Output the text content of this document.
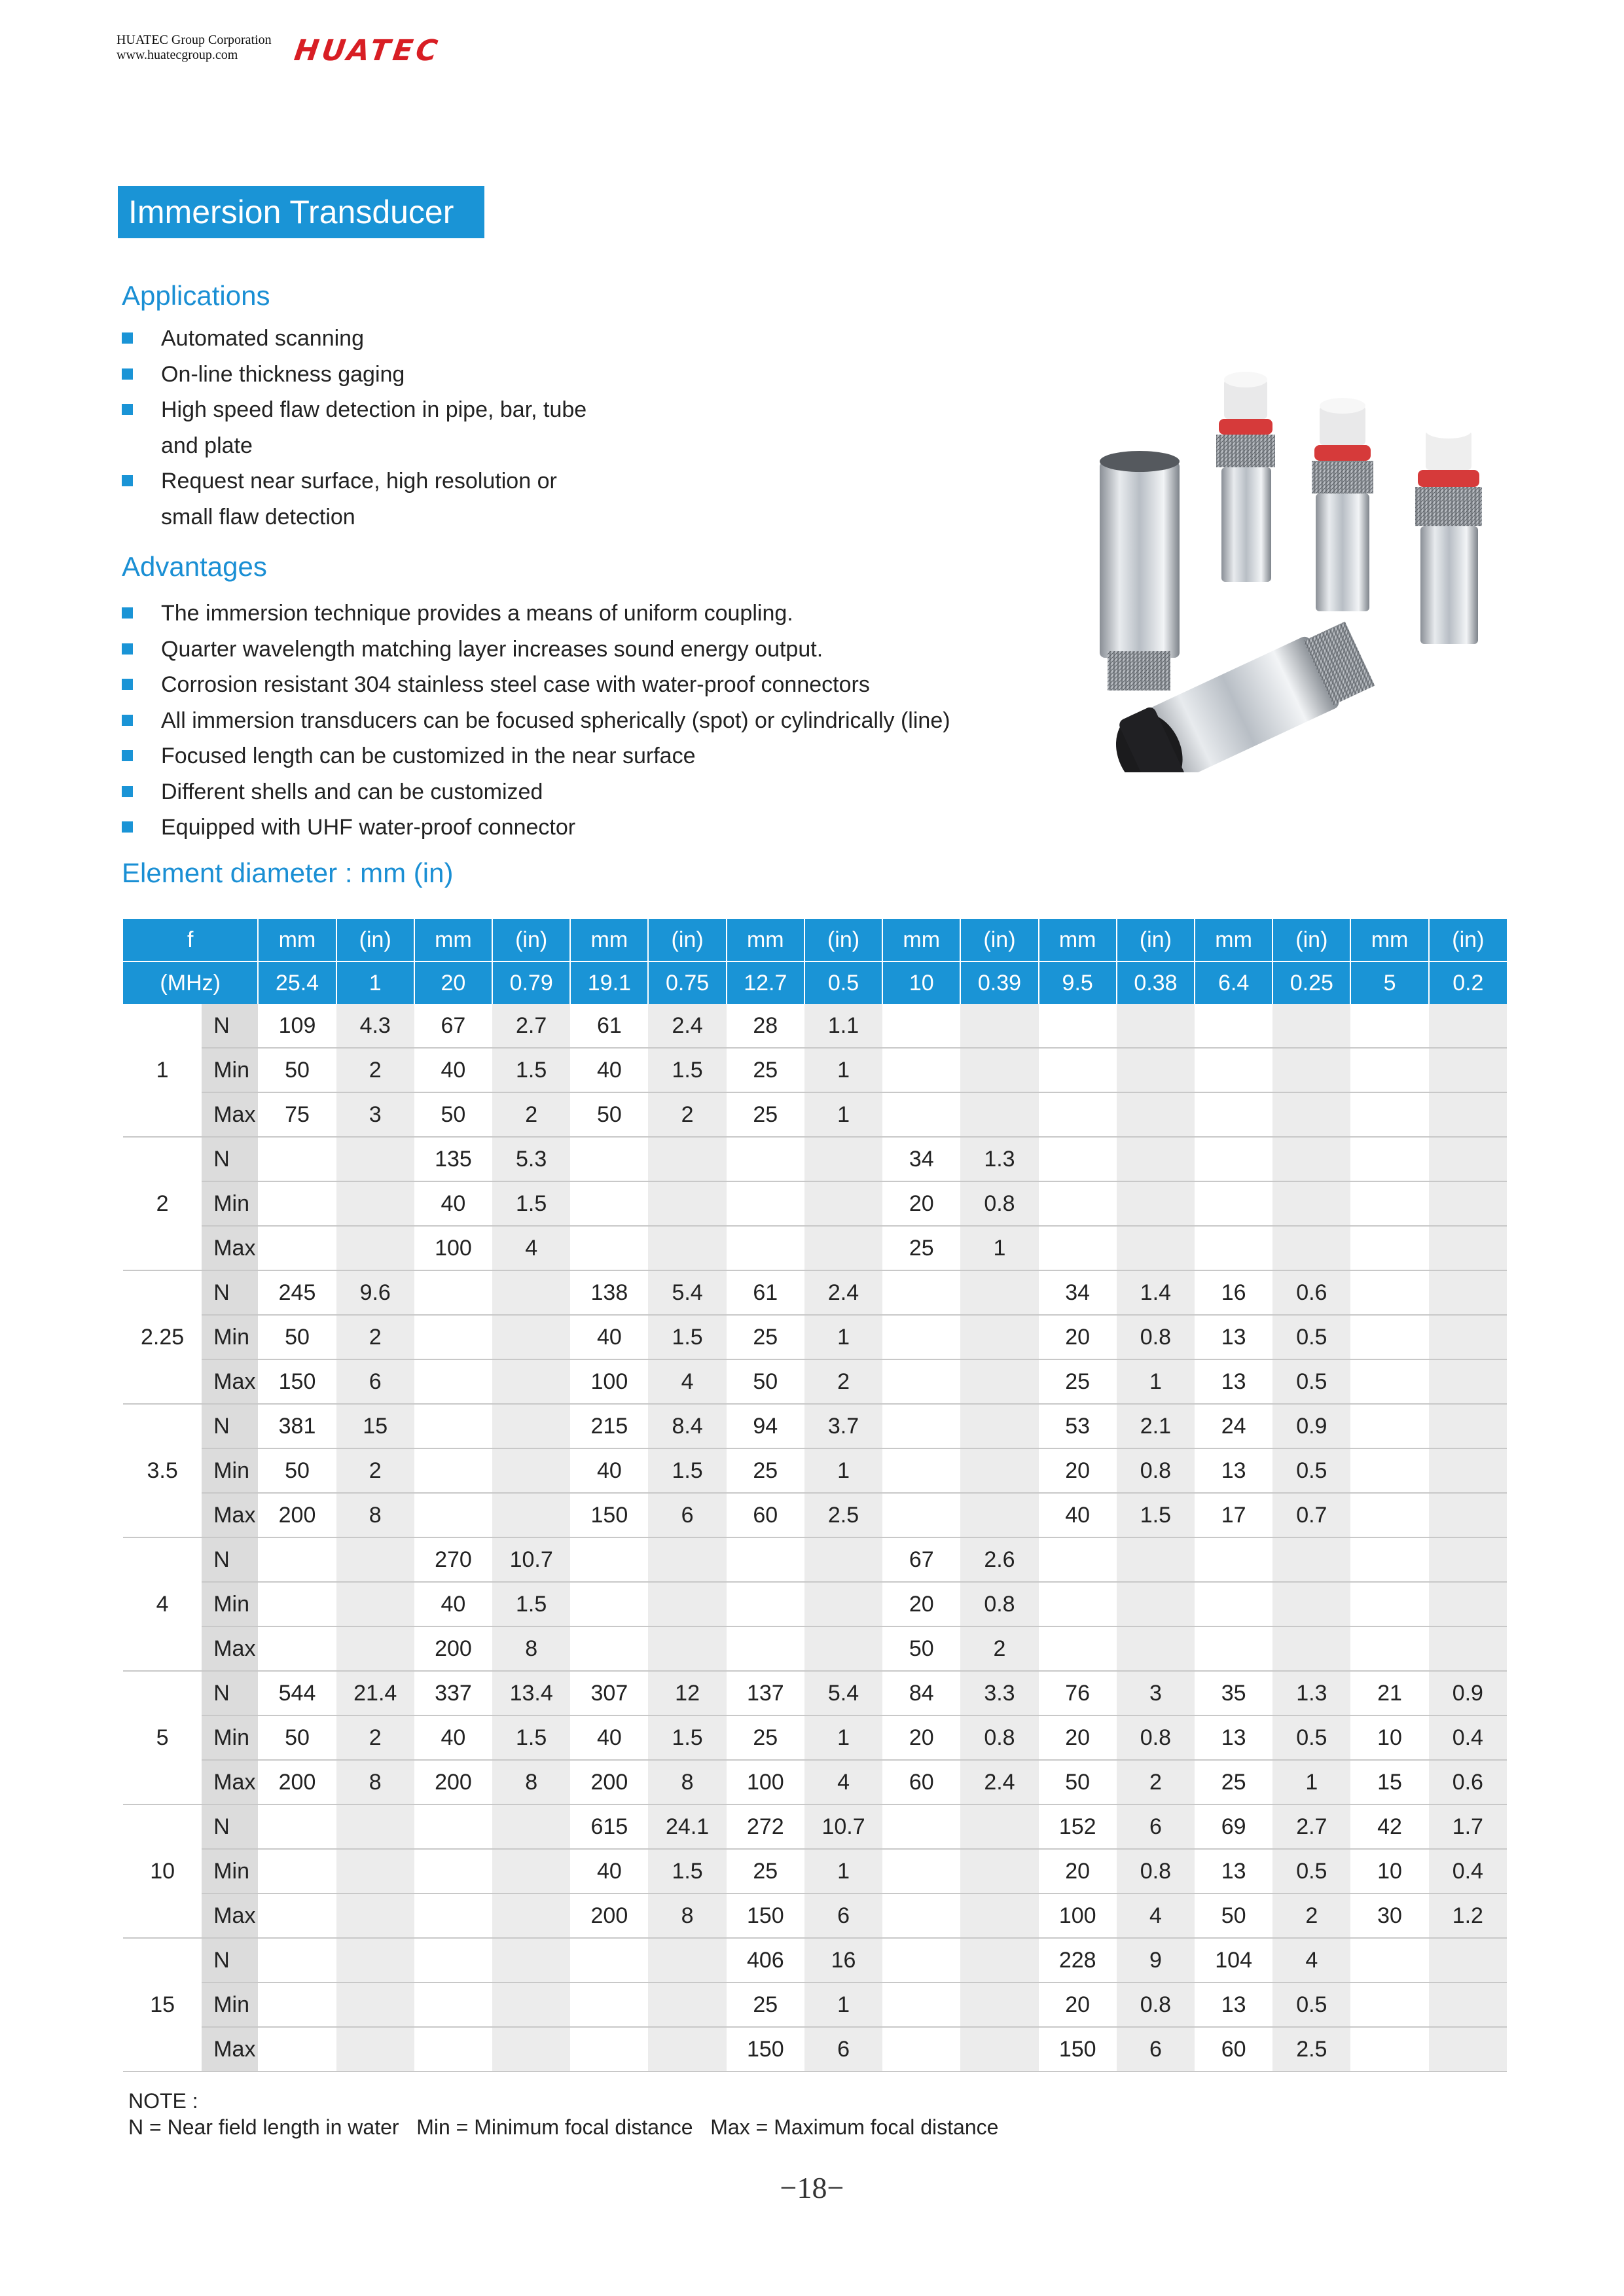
HUATEC Group Corporation
www.huatecgroup.com	HUATEC
Immersion Transducer
Applications
Automated scanning
On-line thickness gaging
High speed flaw detection in pipe, bar, tube
and plate
Request near surface, high resolution or
small flaw detection
Advantages
The immersion technique provides a means of uniform coupling.
Quarter wavelength matching layer increases sound energy output.
Corrosion resistant 304 stainless steel case with water-proof connectors
All immersion transducers can be focused spherically (spot) or cylindrically (line)
Focused length can be customized in the near surface
Different shells and can be customized
Equipped with UHF water-proof connector
Element diameter : mm (in)
f		mm	(in)	mm	(in)	mm	(in)	mm	(in)	mm	(in)	mm	(in)	mm	(in)	mm	(in)
(MHz)		25.4	1	20	0.79	19.1	0.75	12.7	0.5	10	0.39	9.5	0.38	6.4	0.25	5	0.2
1	N	109	4.3	67	2.7	61	2.4	28	1.1								
	Min	50	2	40	1.5	40	1.5	25	1								
	Max	75	3	50	2	50	2	25	1								
2	N			135	5.3					34	1.3						
	Min			40	1.5					20	0.8						
	Max			100	4					25	1						
2.25	N	245	9.6			138	5.4	61	2.4			34	1.4	16	0.6		
	Min	50	2			40	1.5	25	1			20	0.8	13	0.5		
	Max	150	6			100	4	50	2			25	1	13	0.5		
3.5	N	381	15			215	8.4	94	3.7			53	2.1	24	0.9		
	Min	50	2			40	1.5	25	1			20	0.8	13	0.5		
	Max	200	8			150	6	60	2.5			40	1.5	17	0.7		
4	N			270	10.7					67	2.6						
	Min			40	1.5					20	0.8						
	Max			200	8					50	2						
5	N	544	21.4	337	13.4	307	12	137	5.4	84	3.3	76	3	35	1.3	21	0.9
	Min	50	2	40	1.5	40	1.5	25	1	20	0.8	20	0.8	13	0.5	10	0.4
	Max	200	8	200	8	200	8	100	4	60	2.4	50	2	25	1	15	0.6
10	N					615	24.1	272	10.7			152	6	69	2.7	42	1.7
	Min					40	1.5	25	1			20	0.8	13	0.5	10	0.4
	Max					200	8	150	6			100	4	50	2	30	1.2
15	N							406	16			228	9	104	4		
	Min							25	1			20	0.8	13	0.5		
	Max							150	6			150	6	60	2.5		
NOTE :
N = Near field length in water   Min = Minimum focal distance   Max = Maximum focal distance
−18−
